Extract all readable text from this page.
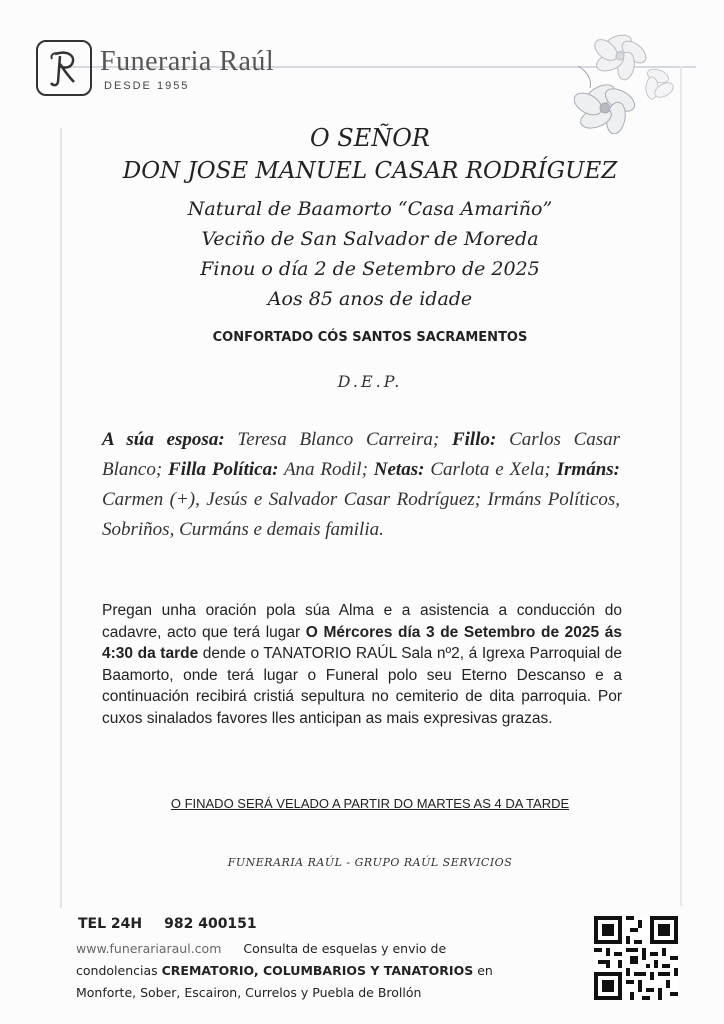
Funeraria Raúl
DESDE 1955
O SEÑOR
DON JOSE MANUEL CASAR RODRÍGUEZ
Natural de Baamorto “Casa Amariño”
Veciño de San Salvador de Moreda
Finou o día 2 de Setembro de 2025
Aos 85 anos de idade
CONFORTADO CÓS SANTOS SACRAMENTOS
D.E.P.
A súa esposa: Teresa Blanco Carreira; Fillo: Carlos Casar Blanco; Filla Política: Ana Rodil; Netas: Carlota e Xela; Irmáns: Carmen (+), Jesús e Salvador Casar Rodríguez; Irmáns Políticos, Sobriños, Curmáns e demais familia.
Pregan unha oración pola súa Alma e a asistencia a conducción do cadavre, acto que terá lugar O Mércores día 3 de Setembro de 2025 ás 4:30 da tarde dende o TANATORIO RAÚL Sala nº2, á Igrexa Parroquial de Baamorto, onde terá lugar o Funeral polo seu Eterno Descanso e a continuación recibirá cristiá sepultura no cemiterio de dita parroquia. Por cuxos sinalados favores lles anticipan as mais expresivas grazas.
O FINADO SERÁ VELADO A PARTIR DO MARTES AS 4 DA TARDE
FUNERARIA RAÚL - GRUPO RAÚL SERVICIOS
TEL 24H 982 400151
www.funerariaraul.com Consulta de esquelas y envio de
condolencias CREMATORIO, COLUMBARIOS Y TANATORIOS en
Monforte, Sober, Escairon, Currelos y Puebla de Brollón
